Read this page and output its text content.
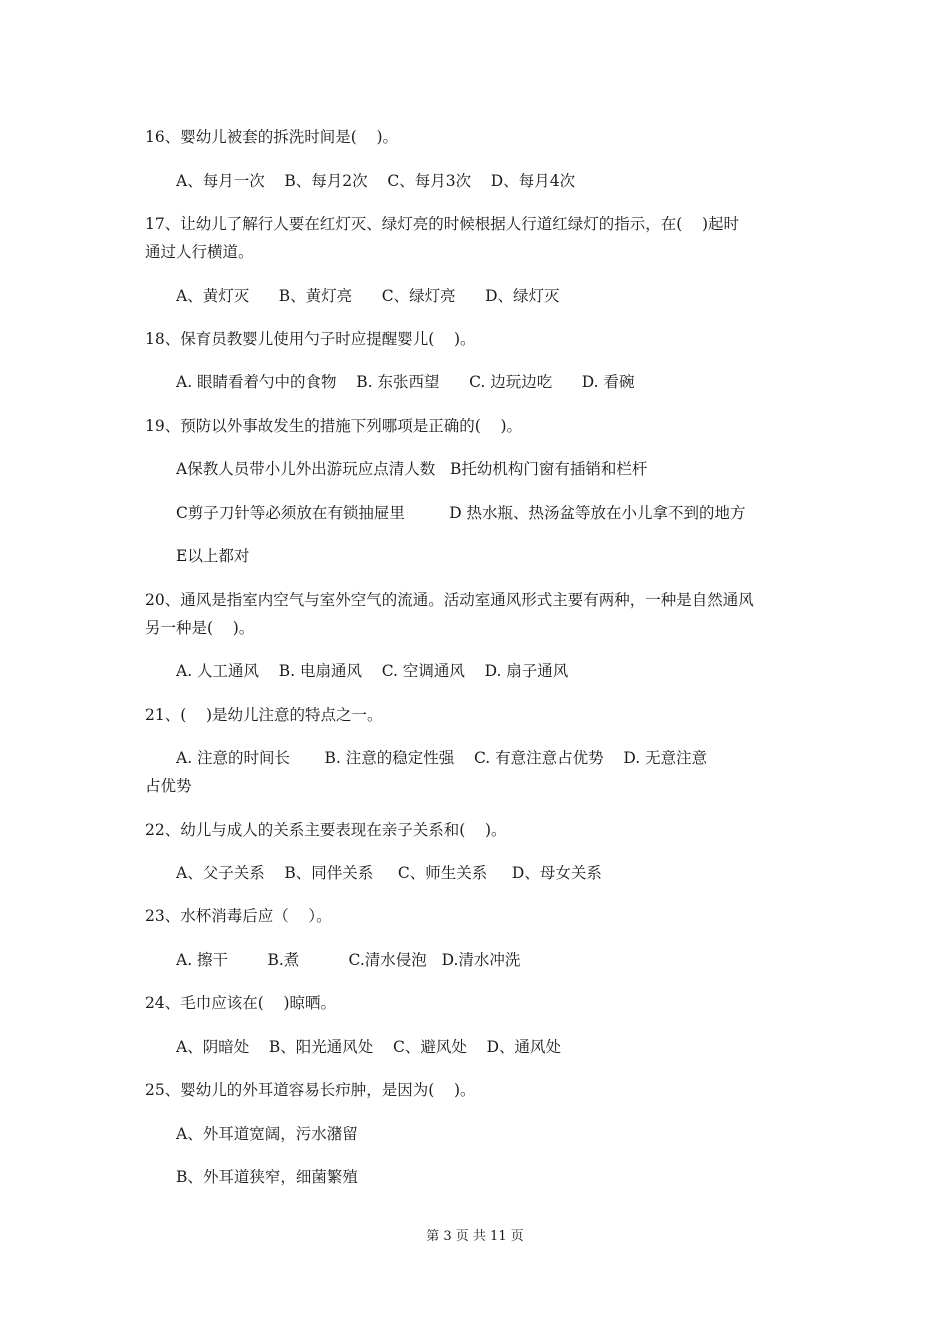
16、婴幼儿被套的拆洗时间是(    )。
A、每月一次    B、每月2次    C、每月3次    D、每月4次
17、让幼儿了解行人要在红灯灭、绿灯亮的时候根据人行道红绿灯的指示，在(    )起时
通过人行横道。
A、黄灯灭      B、黄灯亮      C、绿灯亮      D、绿灯灭
18、保育员教婴儿使用勺子时应提醒婴儿(    )。
A. 眼睛看着勺中的食物    B. 东张西望      C. 边玩边吃      D. 看碗
19、预防以外事故发生的措施下列哪项是正确的(    )。
A保教人员带小儿外出游玩应点清人数   B托幼机构门窗有插销和栏杆
C剪子刀针等必须放在有锁抽屉里         D 热水瓶、热汤盆等放在小儿拿不到的地方
E以上都对
20、通风是指室内空气与室外空气的流通。活动室通风形式主要有两种，一种是自然通风
另一种是(    )。
A. 人工通风    B. 电扇通风    C. 空调通风    D. 扇子通风
21、(    )是幼儿注意的特点之一。
A. 注意的时间长       B. 注意的稳定性强    C. 有意注意占优势    D. 无意注意
占优势
22、幼儿与成人的关系主要表现在亲子关系和(    )。
A、父子关系    B、同伴关系     C、师生关系     D、母女关系
23、水杯消毒后应（    ）。
A. 擦干        B.煮          C.清水侵泡   D.清水冲洗
24、毛巾应该在(    )晾晒。
A、阴暗处    B、阳光通风处    C、避风处    D、通风处
25、婴幼儿的外耳道容易长疖肿，是因为(    )。
A、外耳道宽阔，污水潴留
B、外耳道狭窄，细菌繁殖
第 3 页 共 11 页
